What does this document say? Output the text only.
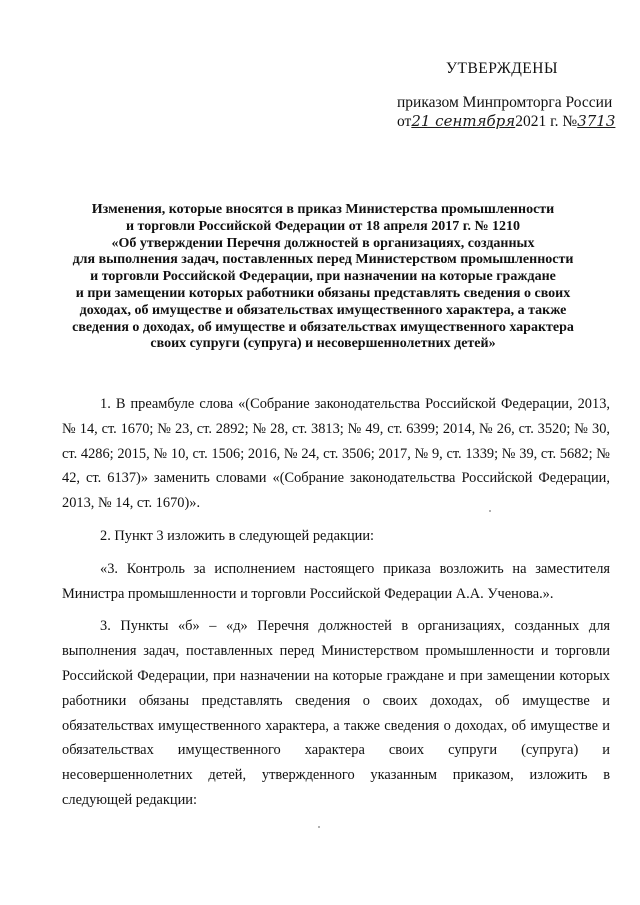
УТВЕРЖДЕНЫ
приказом Минпромторга России
от21 сентября2021 г. №3713
Изменения, которые вносятся в приказ Министерства промышленности
и торговли Российской Федерации от 18 апреля 2017 г. № 1210
«Об утверждении Перечня должностей в организациях, созданных
для выполнения задач, поставленных перед Министерством промышленности
и торговли Российской Федерации, при назначении на которые граждане
и при замещении которых работники обязаны представлять сведения о своих
доходах, об имуществе и обязательствах имущественного характера, а также
сведения о доходах, об имуществе и обязательствах имущественного характера
своих супруги (супруга) и несовершеннолетних детей»

1. В преамбуле слова «(Собрание законодательства Российской Федерации, 2013, № 14, ст. 1670; № 23, ст. 2892; № 28, ст. 3813; № 49, ст. 6399; 2014, № 26, ст. 3520; № 30, ст. 4286; 2015, № 10, ст. 1506; 2016, № 24, ст. 3506; 2017, № 9, ст. 1339; № 39, ст. 5682; № 42, ст. 6137)» заменить словами «(Собрание законодательства Российской Федерации, 2013, № 14, ст. 1670)».

2. Пункт 3 изложить в следующей редакции:

«3. Контроль за исполнением настоящего приказа возложить на заместителя Министра промышленности и торговли Российской Федерации А.А. Ученова.».

3. Пункты «б» – «д» Перечня должностей в организациях, созданных для выполнения задач, поставленных перед Министерством промышленности и торговли Российской Федерации, при назначении на которые граждане и при замещении которых работники обязаны представлять сведения о своих доходах, об имуществе и обязательствах имущественного характера, а также сведения о доходах, об имуществе и обязательствах имущественного характера своих супруги (супруга) и несовершеннолетних детей, утвержденного указанным приказом, изложить в следующей редакции:
